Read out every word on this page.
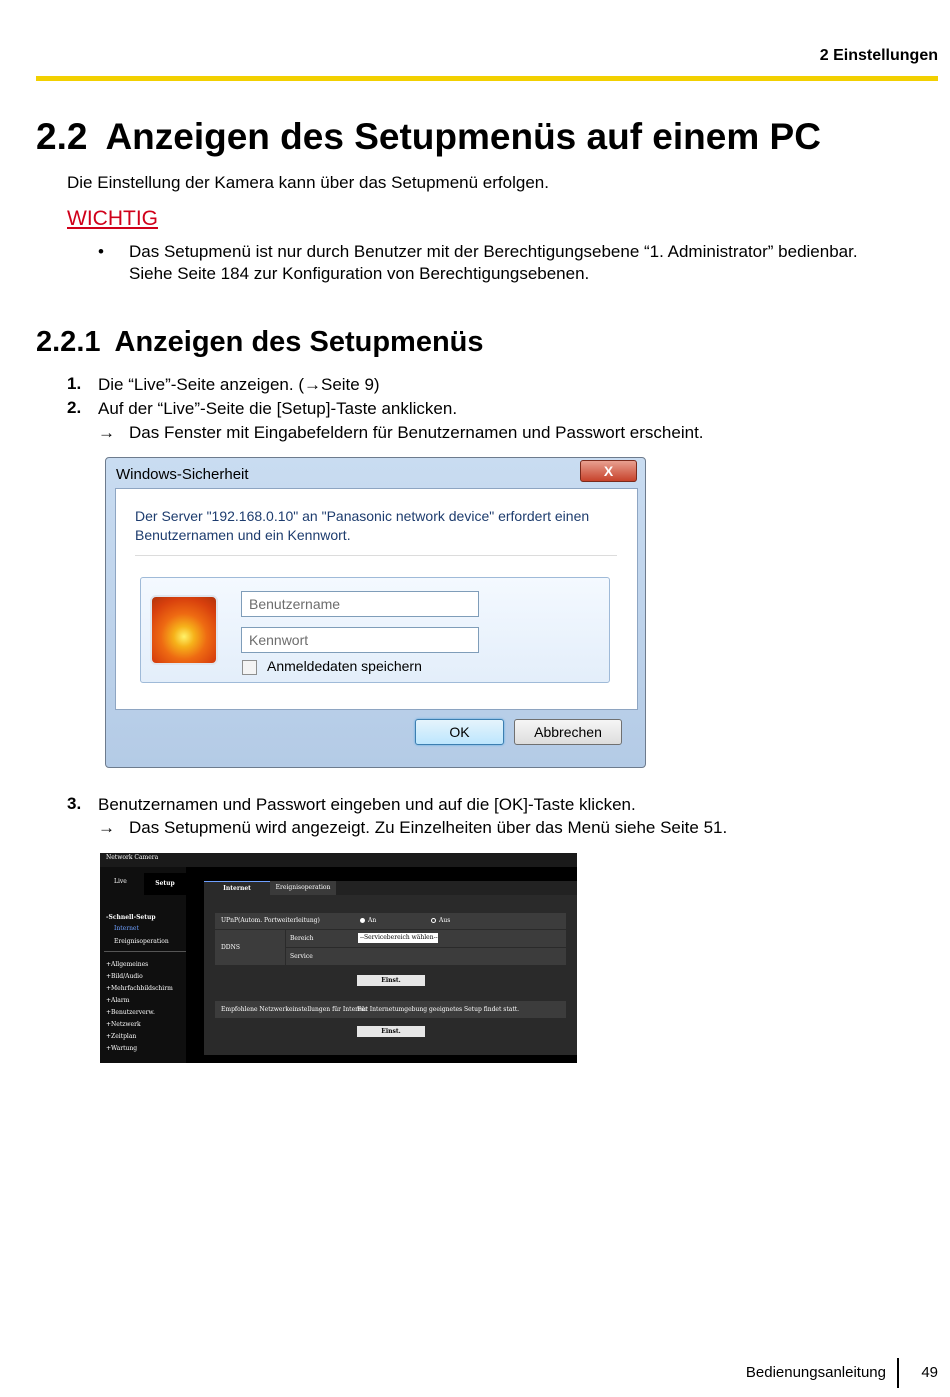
2 Einstellungen
2.2 Anzeigen des Setupmenüs auf einem PC
Die Einstellung der Kamera kann über das Setupmenü erfolgen.
WICHTIG
• Das Setupmenü ist nur durch Benutzer mit der Berechtigungsebene “1. Administrator” bedienbar.
Siehe Seite 184 zur Konfiguration von Berechtigungsebenen.
2.2.1 Anzeigen des Setupmenüs
1. Die “Live”-Seite anzeigen. (→Seite 9)
2. Auf der “Live”-Seite die [Setup]-Taste anklicken.
→ Das Fenster mit Eingabefeldern für Benutzernamen und Passwort erscheint.
Windows-Sicherheit	X
Der Server "192.168.0.10" an "Panasonic network device" erfordert einen
Benutzernamen und ein Kennwort.
Benutzername
Kennwort
Anmeldedaten speichern
OK	Abbrechen
3. Benutzernamen und Passwort eingeben und auf die [OK]-Taste klicken.
→ Das Setupmenü wird angezeigt. Zu Einzelheiten über das Menü siehe Seite 51.
Network Camera
Live	Setup
-Schnell-Setup
Internet
Ereignisoperation
+Allgemeines
+Bild/Audio
+Mehrfachbildschirm
+Alarm
+Benutzerverw.
+Netzwerk
+Zeitplan
+Wartung
Internet	Ereignisoperation
UPnP(Autom. Portweiterleitung)	An	Aus
DDNS
Bereich	--Servicebereich wählen--
Service
Einst.
Empfohlene Netzwerkeinstellungen für Internet
Für Internetumgebung geeignetes Setup findet statt.
Einst.
Bedienungsanleitung 49
